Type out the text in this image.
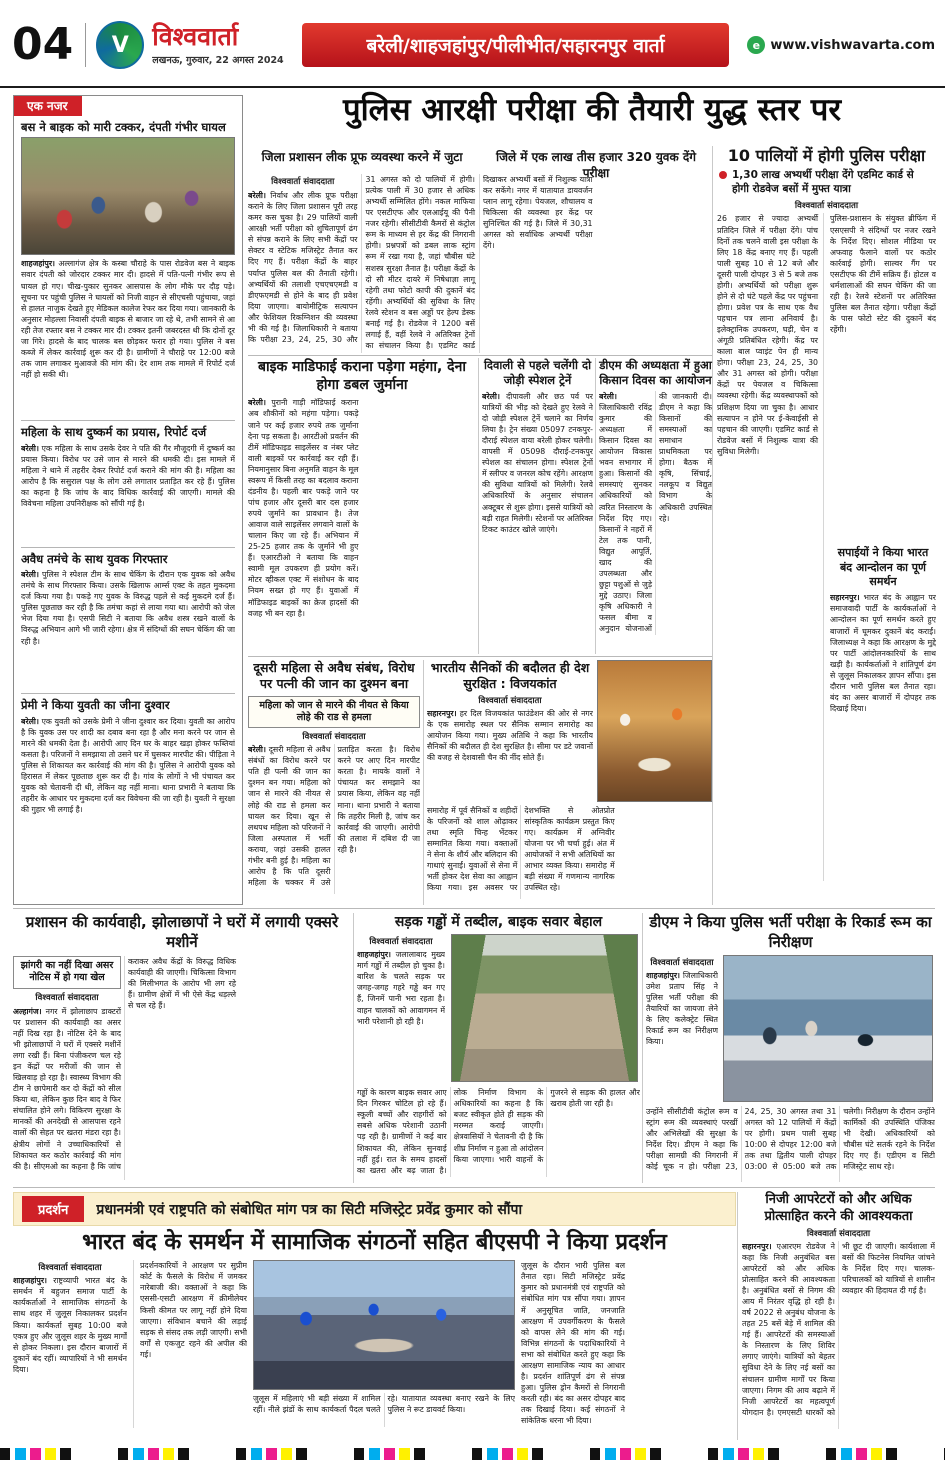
04	V विश्ववार्ता
लखनऊ, गुरुवार, 22 अगस्त 2024
बरेली/शाहजहांपुर/पीलीभीत/सहारनपुर वार्ता	e www.vishwavarta.com
एक नजर
बस ने बाइक को मारी टक्कर, दंपती गंभीर घायल
शाहजहांपुर। अल्लागंज क्षेत्र के कस्बा चौराहे के पास रोडवेज बस ने बाइक सवार दंपती को जोरदार टक्कर मार दी। हादसे में पति-पत्नी गंभीर रूप से घायल हो गए। चीख-पुकार सुनकर आसपास के लोग मौके पर दौड़ पड़े। सूचना पर पहुंची पुलिस ने घायलों को निजी वाहन से सीएचसी पहुंचाया, जहां से हालत नाजुक देखते हुए मेडिकल कालेज रेफर कर दिया गया। जानकारी के अनुसार मोहल्ला निवासी दंपती बाइक से बाजार जा रहे थे, तभी सामने से आ रही तेज रफ्तार बस ने टक्कर मार दी। टक्कर इतनी जबरदस्त थी कि दोनों दूर जा गिरे। हादसे के बाद चालक बस छोड़कर फरार हो गया। पुलिस ने बस कब्जे में लेकर कार्रवाई शुरू कर दी है। ग्रामीणों ने चौराहे पर 12:00 बजे तक जाम लगाकर मुआवजे की मांग की। देर शाम तक मामले में रिपोर्ट दर्ज नहीं हो सकी थी।
महिला के साथ दुष्कर्म का प्रयास, रिपोर्ट दर्ज
बरेली। एक महिला के साथ उसके देवर ने पति की गैर मौजूदगी में दुष्कर्म का प्रयास किया। विरोध पर उसे जान से मारने की धमकी दी। इस मामले में महिला ने थाने में तहरीर देकर रिपोर्ट दर्ज कराने की मांग की है। महिला का आरोप है कि ससुराल पक्ष के लोग उसे लगातार प्रताड़ित कर रहे हैं। पुलिस का कहना है कि जांच के बाद विधिक कार्रवाई की जाएगी। मामले की विवेचना महिला उपनिरीक्षक को सौंपी गई है।
अवैध तमंचे के साथ युवक गिरफ्तार
बरेली। पुलिस ने स्पेशल टीम के साथ चेकिंग के दौरान एक युवक को अवैध तमंचे के साथ गिरफ्तार किया। उसके खिलाफ आर्म्स एक्ट के तहत मुकदमा दर्ज किया गया है। पकड़े गए युवक के विरुद्ध पहले से कई मुकदमे दर्ज हैं। पुलिस पूछताछ कर रही है कि तमंचा कहां से लाया गया था। आरोपी को जेल भेज दिया गया है। एसपी सिटी ने बताया कि अवैध शस्त्र रखने वालों के विरुद्ध अभियान आगे भी जारी रहेगा। क्षेत्र में संदिग्धों की सघन चेकिंग की जा रही है।
प्रेमी ने किया युवती का जीना दुश्वार
बरेली। एक युवती को उसके प्रेमी ने जीना दुश्वार कर दिया। युवती का आरोप है कि युवक उस पर शादी का दबाव बना रहा है और मना करने पर जान से मारने की धमकी देता है। आरोपी आए दिन घर के बाहर खड़ा होकर फब्तियां कसता है। परिजनों ने समझाया तो उसने घर में घुसकर मारपीट की। पीड़िता ने पुलिस से शिकायत कर कार्रवाई की मांग की है। पुलिस ने आरोपी युवक को हिरासत में लेकर पूछताछ शुरू कर दी है। गांव के लोगों ने भी पंचायत कर युवक को चेतावनी दी थी, लेकिन वह नहीं माना। थाना प्रभारी ने बताया कि तहरीर के आधार पर मुकदमा दर्ज कर विवेचना की जा रही है। युवती ने सुरक्षा की गुहार भी लगाई है।
पुलिस आरक्षी परीक्षा की तैयारी युद्ध स्तर पर
जिला प्रशासन लीक प्रूफ व्यवस्था करने में जुटा	जिले में एक लाख तीस हजार 320 युवक देंगे परीक्षा
विश्ववार्ता संवाददाता
बरेली। निर्वाध और लीक प्रूफ परीक्षा कराने के लिए जिला प्रशासन पूरी तरह कमर कस चुका है। 29 पालियों वाली आरक्षी भर्ती परीक्षा को शुचितापूर्ण ढंग से संपन्न कराने के लिए सभी केंद्रों पर सेक्टर व स्टेटिक मजिस्ट्रेट तैनात कर दिए गए हैं। परीक्षा केंद्रों के बाहर पर्याप्त पुलिस बल की तैनाती रहेगी। अभ्यर्थियों की तलाशी एचएचएमडी व डीएफएमडी से होने के बाद ही प्रवेश दिया जाएगा। बायोमीट्रिक सत्यापन और फेशियल रिकग्निशन की व्यवस्था भी की गई है। जिलाधिकारी ने बताया कि परीक्षा 23, 24, 25, 30 और 31 अगस्त को दो पालियों में होगी। प्रत्येक पाली में 30 हजार से अधिक अभ्यर्थी सम्मिलित होंगे। नकल माफिया पर एसटीएफ और एलआईयू की पैनी नजर रहेगी। सीसीटीवी कैमरों से कंट्रोल रूम के माध्यम से हर केंद्र की निगरानी होगी। प्रश्नपत्रों को डबल लाक स्ट्रांग रूम में रखा गया है, जहां चौबीस घंटे सशस्त्र सुरक्षा तैनात है। परीक्षा केंद्रों के दो सौ मीटर दायरे में निषेधाज्ञा लागू रहेगी तथा फोटो कापी की दुकानें बंद रहेंगी। अभ्यर्थियों की सुविधा के लिए रेलवे स्टेशन व बस अड्डों पर हेल्प डेस्क बनाई गई है। रोडवेज ने 1200 बसें लगाई हैं, वहीं रेलवे ने अतिरिक्त ट्रेनों का संचालन किया है। एडमिट कार्ड दिखाकर अभ्यर्थी बसों में निशुल्क यात्रा कर सकेंगे। नगर में यातायात डायवर्जन प्लान लागू रहेगा। पेयजल, शौचालय व चिकित्सा की व्यवस्था हर केंद्र पर सुनिश्चित की गई है। जिले में 30,31 अगस्त को सर्वाधिक अभ्यर्थी परीक्षा देंगे।
10 पालियों में होगी पुलिस परीक्षा
1,30 लाख अभ्यर्थी परीक्षा देंगे एडमिट कार्ड से होगी रोडवेज बसों में मुफ्त यात्रा
विश्ववार्ता संवाददाता
26 हजार से ज्यादा अभ्यर्थी प्रतिदिन जिले में परीक्षा देंगे। पांच दिनों तक चलने वाली इस परीक्षा के लिए 18 केंद्र बनाए गए हैं। पहली पाली सुबह 10 से 12 बजे और दूसरी पाली दोपहर 3 से 5 बजे तक होगी। अभ्यर्थियों को परीक्षा शुरू होने से दो घंटे पहले केंद्र पर पहुंचना होगा। प्रवेश पत्र के साथ एक वैध पहचान पत्र लाना अनिवार्य है। इलेक्ट्रानिक उपकरण, घड़ी, चेन व अंगूठी प्रतिबंधित रहेगी। केंद्र पर काला बाल प्वाइंट पेन ही मान्य होगा। परीक्षा 23, 24, 25, 30 और 31 अगस्त को होगी। परीक्षा केंद्रों पर पेयजल व चिकित्सा व्यवस्था रहेगी। केंद्र व्यवस्थापकों को प्रशिक्षण दिया जा चुका है। आधार सत्यापन न होने पर ई-केवाईसी से पहचान की जाएगी। एडमिट कार्ड से रोडवेज बसों में निशुल्क यात्रा की सुविधा मिलेगी।
पुलिस-प्रशासन के संयुक्त ब्रीफिंग में एसएसपी ने संदिग्धों पर नजर रखने के निर्देश दिए। सोशल मीडिया पर अफवाह फैलाने वालों पर कठोर कार्रवाई होगी। साल्वर गैंग पर एसटीएफ की टीमें सक्रिय हैं। होटल व धर्मशालाओं की सघन चेकिंग की जा रही है। रेलवे स्टेशनों पर अतिरिक्त पुलिस बल तैनात रहेगा। परीक्षा केंद्रों के पास फोटो स्टेट की दुकानें बंद रहेंगी।
सपाईयों ने किया भारत बंद आन्दोलन का पूर्ण समर्थन
सहारनपुर। भारत बंद के आह्वान पर समाजवादी पार्टी के कार्यकर्ताओं ने आन्दोलन का पूर्ण समर्थन करते हुए बाजारों में घूमकर दुकानें बंद कराईं। जिलाध्यक्ष ने कहा कि आरक्षण के मुद्दे पर पार्टी आंदोलनकारियों के साथ खड़ी है। कार्यकर्ताओं ने शांतिपूर्ण ढंग से जुलूस निकालकर ज्ञापन सौंपा। इस दौरान भारी पुलिस बल तैनात रहा। बंद का असर बाजारों में दोपहर तक दिखाई दिया।
बाइक माडिफाई कराना पड़ेगा महंगा, देना होगा डबल जुर्माना
बरेली। पुरानी गाड़ी मॉडिफाई कराना अब शौकीनों को महंगा पड़ेगा। पकड़े जाने पर कई हजार रुपये तक जुर्माना देना पड़ सकता है। आरटीओ प्रवर्तन की टीमें मॉडिफाइड साइलेंसर व नंबर प्लेट वाली बाइकों पर कार्रवाई कर रही हैं। नियमानुसार बिना अनुमति वाहन के मूल स्वरूप में किसी तरह का बदलाव कराना दंडनीय है। पहली बार पकड़े जाने पर पांच हजार और दूसरी बार दस हजार रुपये जुर्माने का प्रावधान है। तेज आवाज वाले साइलेंसर लगवाने वालों के चालान किए जा रहे हैं। अभियान में 25-25 हजार तक के जुर्माने भी हुए हैं। एआरटीओ ने बताया कि वाहन स्वामी मूल उपकरण ही प्रयोग करें। मोटर व्हीकल एक्ट में संशोधन के बाद नियम सख्त हो गए हैं। युवाओं में मॉडिफाइड बाइकों का क्रेज हादसों की वजह भी बन रहा है।
दिवाली से पहले चलेंगी दो जोड़ी स्पेशल ट्रेनें
बरेली। दीपावली और छठ पर्व पर यात्रियों की भीड़ को देखते हुए रेलवे ने दो जोड़ी स्पेशल ट्रेनें चलाने का निर्णय लिया है। ट्रेन संख्या 05097 टनकपुर-दौराई स्पेशल वाया बरेली होकर चलेगी। वापसी में 05098 दौराई-टनकपुर स्पेशल का संचालन होगा। स्पेशल ट्रेनों में स्लीपर व जनरल कोच रहेंगे। आरक्षण की सुविधा यात्रियों को मिलेगी। रेलवे अधिकारियों के अनुसार संचालन अक्टूबर से शुरू होगा। इससे यात्रियों को बड़ी राहत मिलेगी। स्टेशनों पर अतिरिक्त टिकट काउंटर खोले जाएंगे।
डीएम की अध्यक्षता में हुआ किसान दिवस का आयोजन
बरेली। जिलाधिकारी रविंद्र कुमार की अध्यक्षता में किसान दिवस का आयोजन विकास भवन सभागार में हुआ। किसानों की समस्याएं सुनकर अधिकारियों को त्वरित निस्तारण के निर्देश दिए गए। किसानों ने नहरों में टेल तक पानी, विद्युत आपूर्ति, खाद की उपलब्धता और छुट्टा पशुओं से जुड़े मुद्दे उठाए। जिला कृषि अधिकारी ने फसल बीमा व अनुदान योजनाओं की जानकारी दी। डीएम ने कहा कि किसानों की समस्याओं का समाधान प्राथमिकता पर होगा। बैठक में कृषि, सिंचाई, नलकूप व विद्युत विभाग के अधिकारी उपस्थित रहे।
दूसरी महिला से अवैध संबंध, विरोध पर पत्नी की जान का दुश्मन बना
महिला को जान से मारने की नीयत से किया लोहे की राड से हमला
विश्ववार्ता संवाददाता
बरेली। दूसरी महिला से अवैध संबंधों का विरोध करने पर पति ही पत्नी की जान का दुश्मन बन गया। महिला को जान से मारने की नीयत से लोहे की राड से हमला कर घायल कर दिया। खून से लथपथ महिला को परिजनों ने जिला अस्पताल में भर्ती कराया, जहां उसकी हालत गंभीर बनी हुई है। महिला का आरोप है कि पति दूसरी महिला के चक्कर में उसे प्रताड़ित करता है। विरोध करने पर आए दिन मारपीट करता है। मायके वालों ने पंचायत कर समझाने का प्रयास किया, लेकिन वह नहीं माना। थाना प्रभारी ने बताया कि तहरीर मिली है, जांच कर कार्रवाई की जाएगी। आरोपी की तलाश में दबिश दी जा रही है।
भारतीय सैनिकों की बदौलत ही देश सुरक्षित : विजयकांत
विश्ववार्ता संवाददाता
सहारनपुर। हर दिल विजयकांत फाउंडेशन की ओर से नगर के एक समारोह स्थल पर सैनिक सम्मान समारोह का आयोजन किया गया। मुख्य अतिथि ने कहा कि भारतीय सैनिकों की बदौलत ही देश सुरक्षित है। सीमा पर डटे जवानों की वजह से देशवासी चैन की नींद सोते हैं।
समारोह में पूर्व सैनिकों व शहीदों के परिजनों को शाल ओढ़ाकर तथा स्मृति चिन्ह भेंटकर सम्मानित किया गया। वक्ताओं ने सेना के शौर्य और बलिदान की गाथाएं सुनाईं। युवाओं से सेना में भर्ती होकर देश सेवा का आह्वान किया गया। इस अवसर पर देशभक्ति से ओतप्रोत सांस्कृतिक कार्यक्रम प्रस्तुत किए गए। कार्यक्रम में अग्निवीर योजना पर भी चर्चा हुई। अंत में आयोजकों ने सभी अतिथियों का आभार व्यक्त किया। समारोह में बड़ी संख्या में गणमान्य नागरिक उपस्थित रहे।
प्रशासन की कार्यवाही, झोलाछापों ने घरों में लगायी एक्सरे मशीनें
झांगरी का नहीं दिखा असर नोटिस में हो गया खेल
विश्ववार्ता संवाददाता
अल्हागंज। नगर में झोलाछाप डाक्टरों पर प्रशासन की कार्यवाही का असर नहीं दिख रहा है। नोटिस देने के बाद भी झोलाछापों ने घरों में एक्सरे मशीनें लगा रखी हैं। बिना पंजीकरण चल रहे इन केंद्रों पर मरीजों की जान से खिलवाड़ हो रहा है। स्वास्थ्य विभाग की टीम ने छापेमारी कर दो केंद्रों को सील किया था, लेकिन कुछ दिन बाद वे फिर संचालित होने लगे। विकिरण सुरक्षा के मानकों की अनदेखी से आसपास रहने वालों की सेहत पर खतरा मंडरा रहा है। क्षेत्रीय लोगों ने उच्चाधिकारियों से शिकायत कर कठोर कार्रवाई की मांग की है। सीएमओ का कहना है कि जांच कराकर अवैध केंद्रों के विरुद्ध विधिक कार्यवाही की जाएगी। चिकित्सा विभाग की मिलीभगत के आरोप भी लग रहे हैं। ग्रामीण क्षेत्रों में भी ऐसे केंद्र धड़ल्ले से चल रहे हैं।
सड़क गड्ढों में तब्दील, बाइक सवार बेहाल
विश्ववार्ता संवाददाता
शाहजहांपुर। जलालाबाद मुख्य मार्ग गड्ढों में तब्दील हो चुका है। बारिश के चलते सड़क पर जगह-जगह गहरे गड्ढे बन गए हैं, जिनमें पानी भरा रहता है। वाहन चालकों को आवागमन में भारी परेशानी हो रही है।
गड्ढों के कारण बाइक सवार आए दिन गिरकर चोटिल हो रहे हैं। स्कूली बच्चों और राहगीरों को सबसे अधिक परेशानी उठानी पड़ रही है। ग्रामीणों ने कई बार शिकायत की, लेकिन सुनवाई नहीं हुई। रात के समय हादसों का खतरा और बढ़ जाता है। लोक निर्माण विभाग के अधिकारियों का कहना है कि बजट स्वीकृत होते ही सड़क की मरम्मत कराई जाएगी। क्षेत्रवासियों ने चेतावनी दी है कि शीघ्र निर्माण न हुआ तो आंदोलन किया जाएगा। भारी वाहनों के गुजरने से सड़क की हालत और खराब होती जा रही है।
डीएम ने किया पुलिस भर्ती परीक्षा के रिकार्ड रूम का निरीक्षण
विश्ववार्ता संवाददाता
शाहजहांपुर। जिलाधिकारी उमेश प्रताप सिंह ने पुलिस भर्ती परीक्षा की तैयारियों का जायजा लेने के लिए कलेक्ट्रेट स्थित रिकार्ड रूम का निरीक्षण किया।
उन्होंने सीसीटीवी कंट्रोल रूम व स्ट्रांग रूम की व्यवस्थाएं परखीं और अभिलेखों की सुरक्षा के निर्देश दिए। डीएम ने कहा कि परीक्षा सामग्री की निगरानी में कोई चूक न हो। परीक्षा 23, 24, 25, 30 अगस्त तथा 31 अगस्त को 12 पालियों में केंद्रों पर होगी। प्रथम पाली सुबह 10:00 से दोपहर 12:00 बजे तक तथा द्वितीय पाली दोपहर 03:00 से 05:00 बजे तक चलेगी। निरीक्षण के दौरान उन्होंने कार्मिकों की उपस्थिति पंजिका भी देखी। अधिकारियों को चौबीस घंटे सतर्क रहने के निर्देश दिए गए हैं। एडीएम व सिटी मजिस्ट्रेट साथ रहे।
प्रदर्शन	प्रधानमंत्री एवं राष्ट्रपति को संबोधित मांग पत्र का सिटी मजिस्ट्रेट प्रवेंद्र कुमार को सौंपा
निजी आपरेटरों को और अधिक प्रोत्साहित करने की आवश्यकता
विश्ववार्ता संवाददाता
सहारनपुर। एआरएम रोडवेज ने कहा कि निजी अनुबंधित बस आपरेटरों को और अधिक प्रोत्साहित करने की आवश्यकता है। अनुबंधित बसों से निगम की आय में निरंतर वृद्धि हो रही है। वर्ष 2022 से अनुबंध योजना के तहत 25 बसें बेड़े में शामिल की गई हैं। आपरेटरों की समस्याओं के निस्तारण के लिए शिविर लगाए जाएंगे। यात्रियों को बेहतर सुविधा देने के लिए नई बसों का संचालन ग्रामीण मार्गों पर किया जाएगा। निगम की आय बढ़ाने में निजी आपरेटरों का महत्वपूर्ण योगदान है। एमएसटी धारकों को भी छूट दी जाएगी। कार्यशाला में बसों की फिटनेस नियमित जांचने के निर्देश दिए गए। चालक-परिचालकों को यात्रियों से शालीन व्यवहार की हिदायत दी गई है।
भारत बंद के समर्थन में सामाजिक संगठनों सहित बीएसपी ने किया प्रदर्शन
विश्ववार्ता संवाददाता
शाहजहांपुर। राष्ट्रव्यापी भारत बंद के समर्थन में बहुजन समाज पार्टी के कार्यकर्ताओं ने सामाजिक संगठनों के साथ शहर में जुलूस निकालकर प्रदर्शन किया। कार्यकर्ता सुबह 10:00 बजे एकत्र हुए और जुलूस शहर के मुख्य मार्गों से होकर निकला। इस दौरान बाजारों में दुकानें बंद रहीं। व्यापारियों ने भी समर्थन दिया।
प्रदर्शनकारियों ने आरक्षण पर सुप्रीम कोर्ट के फैसले के विरोध में जमकर नारेबाजी की। वक्ताओं ने कहा कि एससी-एसटी आरक्षण में क्रीमीलेयर किसी कीमत पर लागू नहीं होने दिया जाएगा। संविधान बचाने की लड़ाई सड़क से संसद तक लड़ी जाएगी। सभी वर्गों से एकजुट रहने की अपील की गई।
जुलूस में महिलाएं भी बड़ी संख्या में शामिल रहीं। नीले झंडों के साथ कार्यकर्ता पैदल चलते रहे। यातायात व्यवस्था बनाए रखने के लिए पुलिस ने रूट डायवर्ट किया।
जुलूस के दौरान भारी पुलिस बल तैनात रहा। सिटी मजिस्ट्रेट प्रवेंद्र कुमार को प्रधानमंत्री एवं राष्ट्रपति को संबोधित मांग पत्र सौंपा गया। ज्ञापन में अनुसूचित जाति, जनजाति आरक्षण में उपवर्गीकरण के फैसले को वापस लेने की मांग की गई। विभिन्न संगठनों के पदाधिकारियों ने सभा को संबोधित करते हुए कहा कि आरक्षण सामाजिक न्याय का आधार है। प्रदर्शन शांतिपूर्ण ढंग से संपन्न हुआ। पुलिस ड्रोन कैमरों से निगरानी करती रही। बंद का असर दोपहर बाद तक दिखाई दिया। कई संगठनों ने सांकेतिक धरना भी दिया।
